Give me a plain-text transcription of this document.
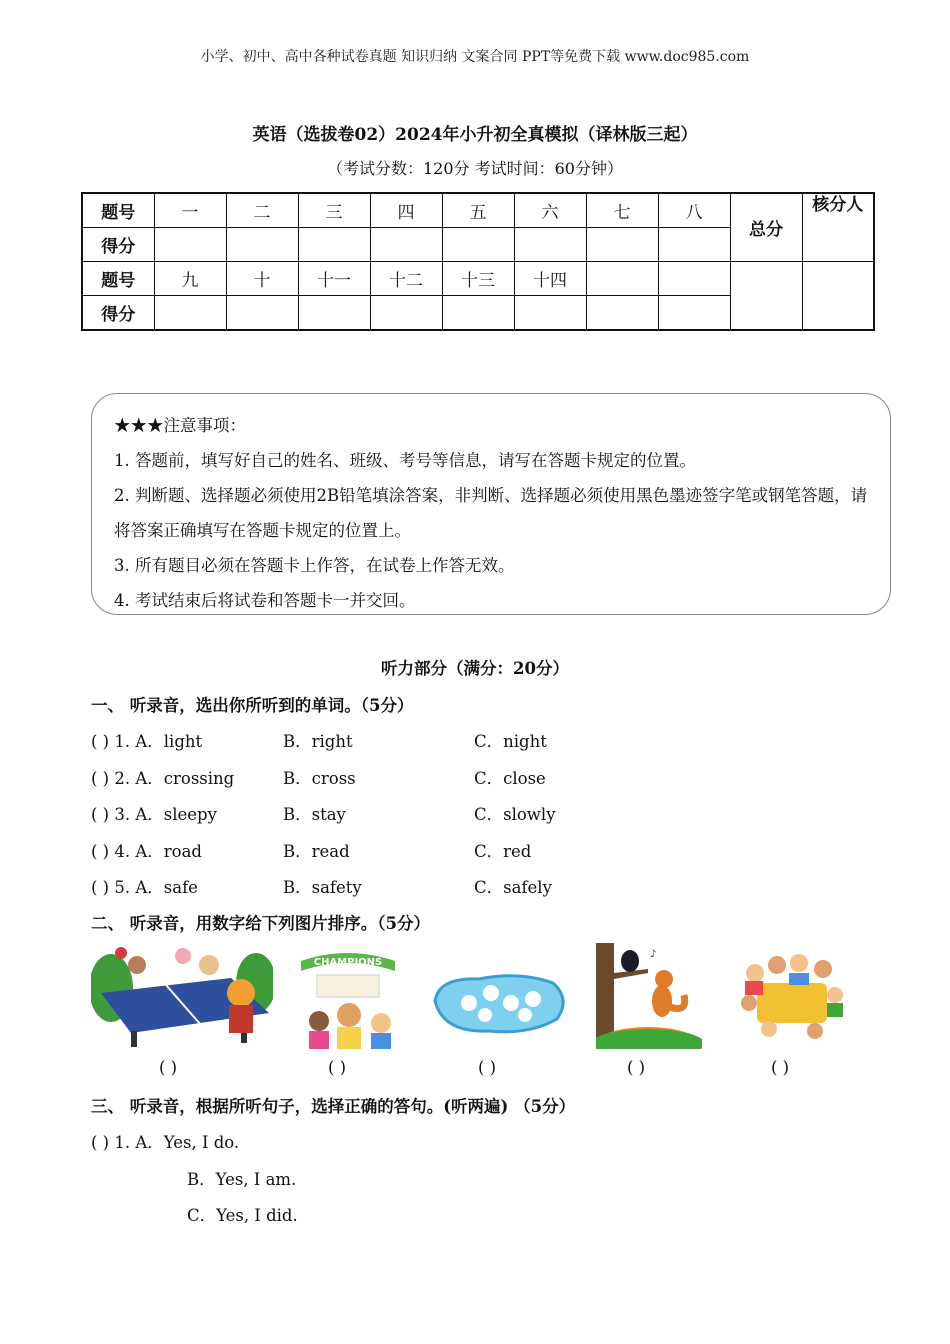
小学、初中、高中各种试卷真题 知识归纳 文案合同 PPT等免费下载 www.doc985.com
英语（选拔卷02）2024年小升初全真模拟（译林版三起）
（考试分数：120分 考试时间：60分钟）
题号	一	二	三	四	五	六	七	八	总分	核分人
得分										
题号	九	十	十一	十二	十三	十四				
得分										

★★★注意事项：

1. 答题前，填写好自己的姓名、班级、考号等信息，请写在答题卡规定的位置。

2. 判断题、选择题必须使用2B铅笔填涂答案，非判断、选择题必须使用黑色墨迹签字笔或钢笔答题，请将答案正确填写在答题卡规定的位置上。

3. 所有题目必须在答题卡上作答，在试卷上作答无效。

4. 考试结束后将试卷和答题卡一并交回。

听力部分（满分：20分）
一、 听录音，选出你所听到的单词。（5分）
( ) 1. A．light	B．right	C．night
( ) 2. A．crossing	B．cross	C．close
( ) 3. A．sleepy	B．stay	C．slowly
( ) 4. A．road	B．read	C．red
( ) 5. A．safe	B．safety	C．safely
二、 听录音，用数字给下列图片排序。（5分）
CHAMPIONS
♪
( )	( )	( )	( )	( )
三、 听录音，根据所听句子，选择正确的答句。(听两遍) （5分）
( ) 1. A．Yes, I do.
B．Yes, I am.
C．Yes, I did.
